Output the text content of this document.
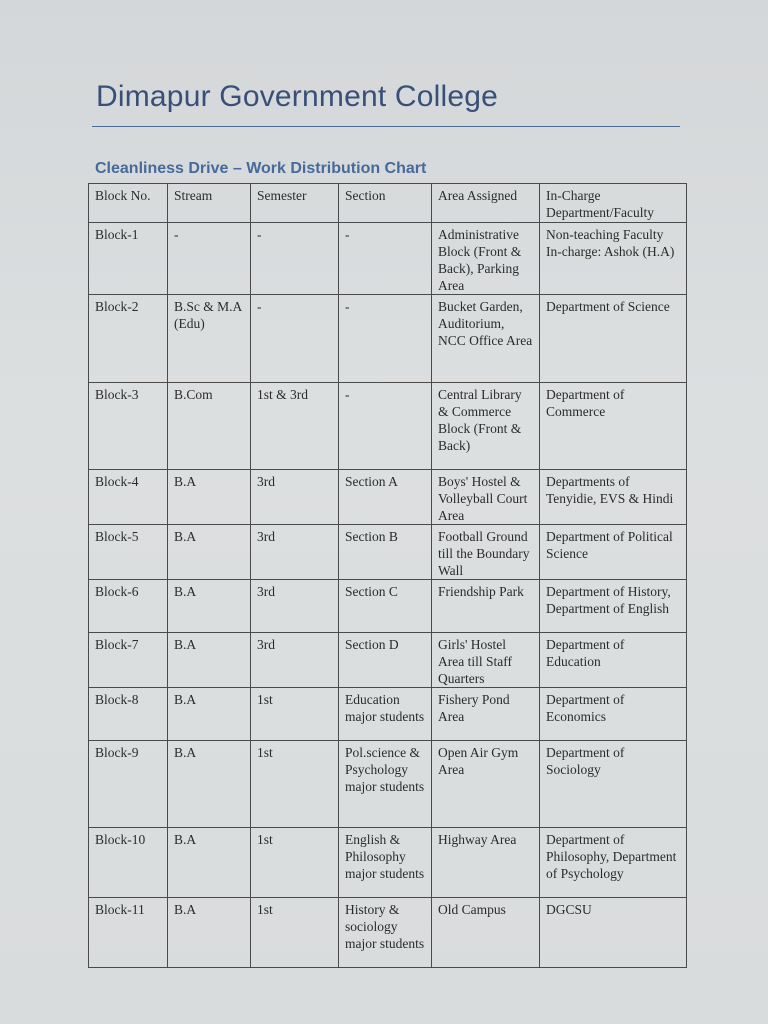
Dimapur Government College
Cleanliness Drive – Work Distribution Chart
Block No.	Stream	Semester	Section	Area Assigned	In-Charge Department/Faculty
Block-1	-	-	-	Administrative Block (Front & Back), Parking Area	Non-teaching Faculty In-charge: Ashok (H.A)
Block-2	B.Sc & M.A (Edu)	-	-	Bucket Garden, Auditorium, NCC Office Area	Department of Science
Block-3	B.Com	1st & 3rd	-	Central Library & Commerce Block (Front & Back)	Department of Commerce
Block-4	B.A	3rd	Section A	Boys' Hostel & Volleyball Court Area	Departments of Tenyidie, EVS & Hindi
Block-5	B.A	3rd	Section B	Football Ground till the Boundary Wall	Department of Political Science
Block-6	B.A	3rd	Section C	Friendship Park	Department of History, Department of English
Block-7	B.A	3rd	Section D	Girls' Hostel Area till Staff Quarters	Department of Education
Block-8	B.A	1st	Education major students	Fishery Pond Area	Department of Economics
Block-9	B.A	1st	Pol.science & Psychology major students	Open Air Gym Area	Department of Sociology
Block-10	B.A	1st	English & Philosophy major students	Highway Area	Department of Philosophy, Department of Psychology
Block-11	B.A	1st	History & sociology major students	Old Campus	DGCSU
